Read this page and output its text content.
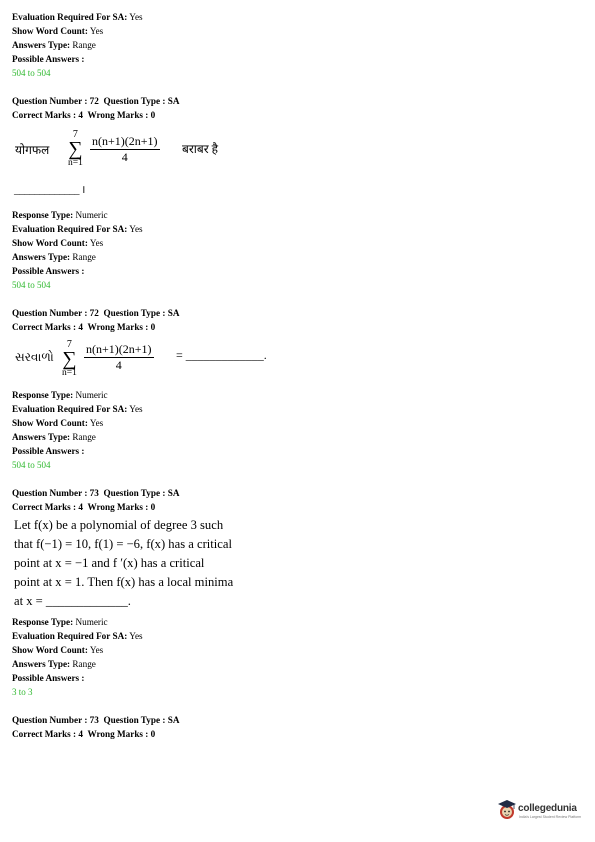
Evaluation Required For SA: Yes
Show Word Count: Yes
Answers Type: Range
Possible Answers :
504 to 504
Question Number : 72 Question Type : SA
Correct Marks : 4 Wrong Marks : 0
योगफल
7
∑
$n=1 \frac{n(n+1)(2n+1)}{4}$ बराबर है
_____________ ।
Response Type: Numeric
Evaluation Required For SA: Yes
Show Word Count: Yes
Answers Type: Range
Possible Answers :
504 to 504
Question Number : 72 Question Type : SA
Correct Marks : 4 Wrong Marks : 0
સરવાળો
7
∑
n=1
$\frac{n(n+1)(2n+1)}{4}$ = _____________.
Response Type: Numeric
Evaluation Required For SA: Yes
Show Word Count: Yes
Answers Type: Range
Possible Answers :
504 to 504
Question Number : 73 Question Type : SA
Correct Marks : 4 Wrong Marks : 0
Let f(x) be a polynomial of degree 3 such
that f(−1) = 10, f(1) = −6, f(x) has a critical
point at x = −1 and f ′(x) has a critical
point at x = 1. Then f(x) has a local minima
at x = _____________.
Response Type: Numeric
Evaluation Required For SA: Yes
Show Word Count: Yes
Answers Type: Range
Possible Answers :
3 to 3
Question Number : 73 Question Type : SA
Correct Marks : 4 Wrong Marks : 0
collegedunia
India's Largest Student Review Platform
